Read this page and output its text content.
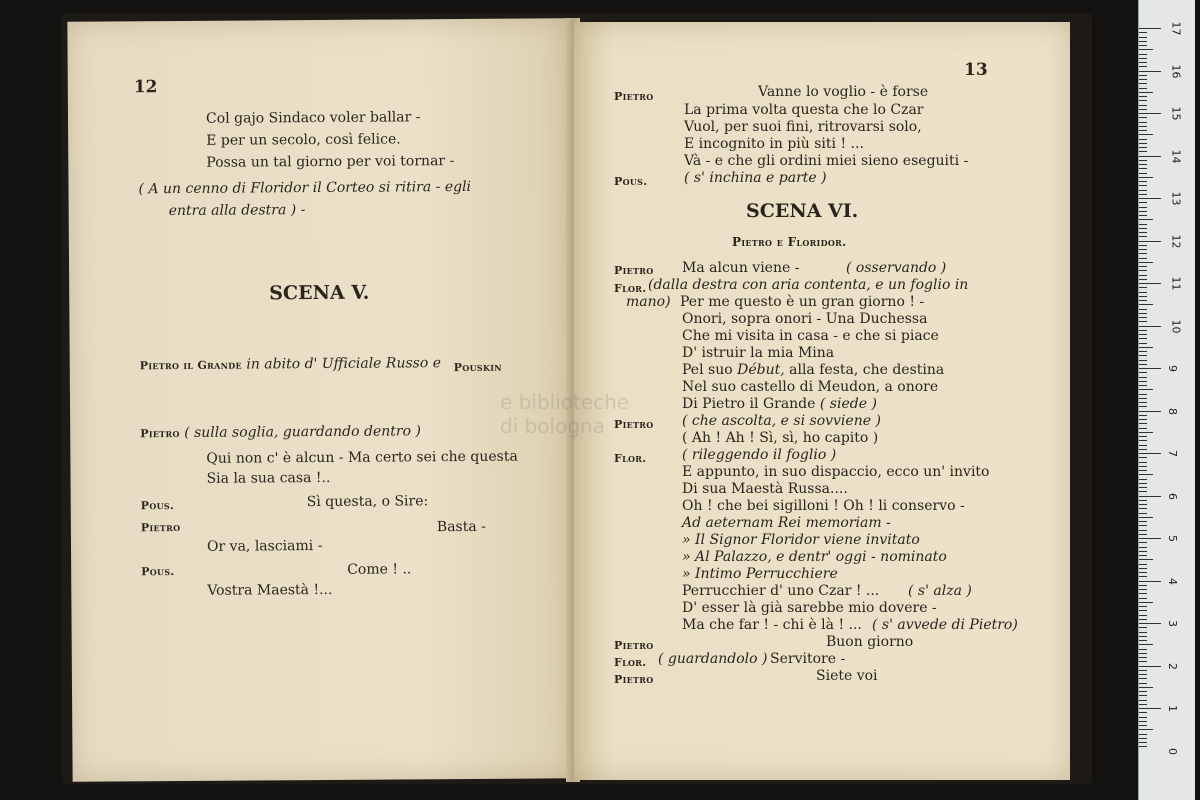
12
Col gajo Sindaco voler ballar -
E per un secolo, così felice.
Possa un tal giorno per voi tornar -
( A un cenno di Floridor il Corteo si ritira - egli
entra alla destra ) -
SCENA V.
Pietro il Grande in abito d' Ufficiale Russo e Pouskin
Pietro ( sulla soglia, guardando dentro )
Qui non c' è alcun - Ma certo sei che questa
Sia la sua casa !..
Pous.	Sì questa, o Sire:
Pietro	Basta -
Or va, lasciami -
Pous.	Come ! ..
Vostra Maestà !...
13
Pietro	Vanne lo voglio - è forse
La prima volta questa che lo Czar
Vuol, per suoi fini, ritrovarsi solo,
E incognito in più siti ! ...
Và - e che gli ordini miei sieno eseguiti -
Pous.	( s' inchina e parte )
SCENA VI.
Pietro e Floridor.
Pietro Ma alcun viene -	( osservando )
Flor. (dalla destra con aria contenta, e un foglio in
mano) Per me questo è un gran giorno ! -
Onori, sopra onori - Una Duchessa
Che mi visita in casa - e che si piace
D' istruir la mia Mina
Pel suo Début, alla festa, che destina
Nel suo castello di Meudon, a onore
Di Pietro il Grande ( siede )
Pietro ( che ascolta, e si sovviene )
( Ah ! Ah ! Sì, sì, ho capito )
Flor.	( rileggendo il foglio )
E appunto, in suo dispaccio, ecco un' invito
Di sua Maestà Russa....
Oh ! che bei sigilloni ! Oh ! li conservo -
Ad aeternam Rei memoriam -
» Il Signor Floridor viene invitato
» Al Palazzo, e dentr' oggi - nominato
» Intimo Perrucchiere
Perrucchier d' uno Czar ! ... ( s' alza )
D' esser là già sarebbe mio dovere -
Ma che far ! - chi è là ! ... ( s' avvede di Pietro)
Pietro	Buon giorno
Flor. ( guardandolo ) Servitore -
Pietro	Siete voi
e biblioteche
di bologna
17
16
15
14
13
12
11
10
9
8
7
6
5
4
3
2
1
0
